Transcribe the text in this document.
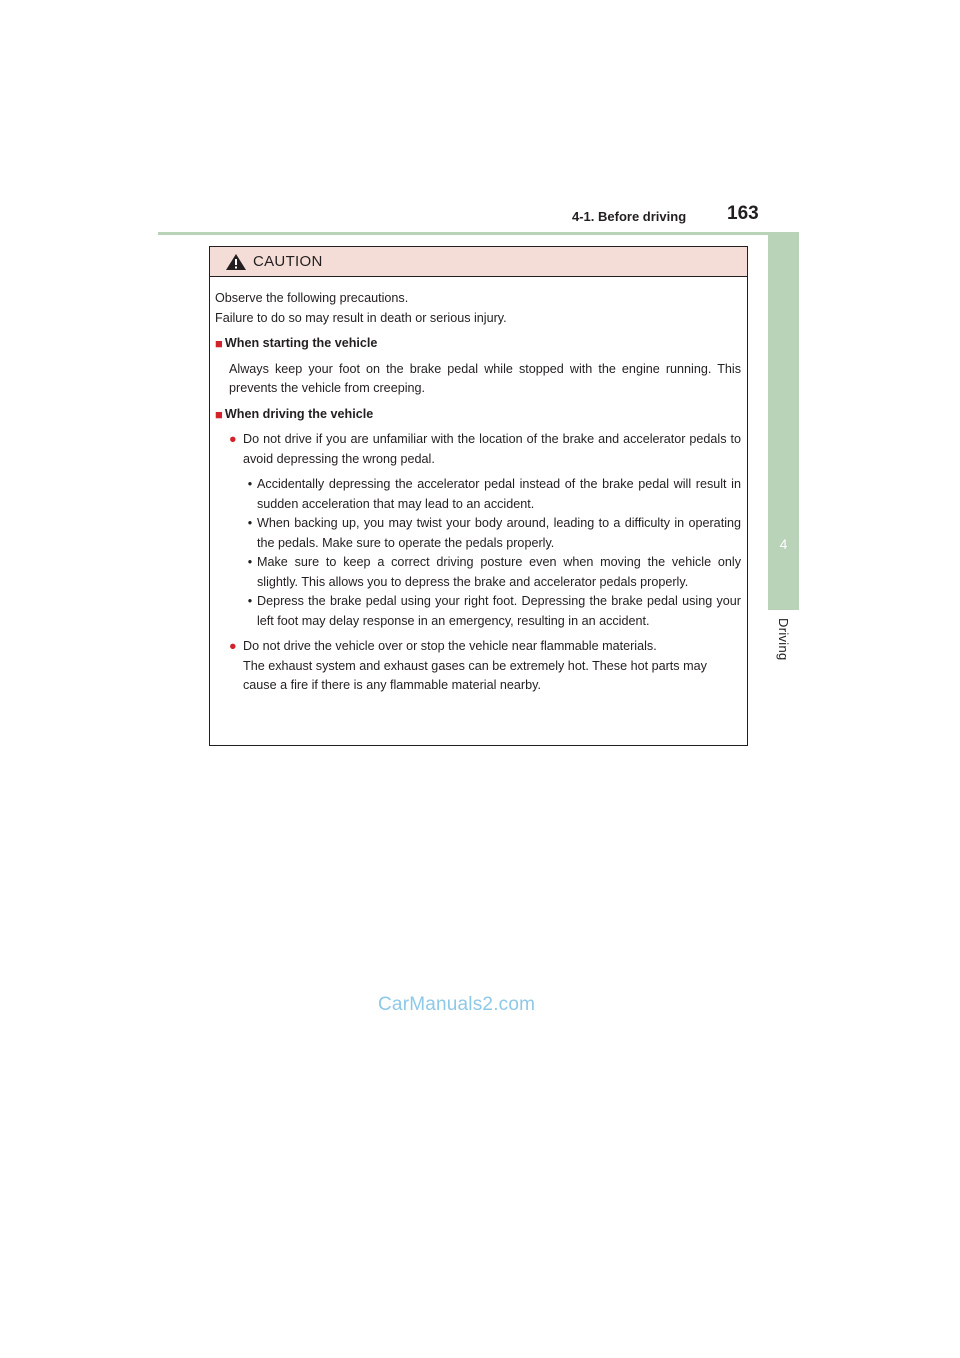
4-1. Before driving 163
4
Driving
CAUTION

Observe the following precautions.

Failure to do so may result in death or serious injury.

■ When starting the vehicle

Always keep your foot on the brake pedal while stopped with the engine running. This prevents the vehicle from creeping.

■ When driving the vehicle

● Do not drive if you are unfamiliar with the location of the brake and accelerator pedals to avoid depressing the wrong pedal.

• Accidentally depressing the accelerator pedal instead of the brake pedal will result in sudden acceleration that may lead to an accident.
• When backing up, you may twist your body around, leading to a difficulty in operating the pedals. Make sure to operate the pedals properly.
• Make sure to keep a correct driving posture even when moving the vehicle only slightly. This allows you to depress the brake and accelerator pedals properly.
• Depress the brake pedal using your right foot. Depressing the brake pedal using your left foot may delay response in an emergency, resulting in an accident.

● Do not drive the vehicle over or stop the vehicle near flammable materials.
The exhaust system and exhaust gases can be extremely hot. These hot parts may cause a fire if there is any flammable material nearby.

CarManuals2.com
